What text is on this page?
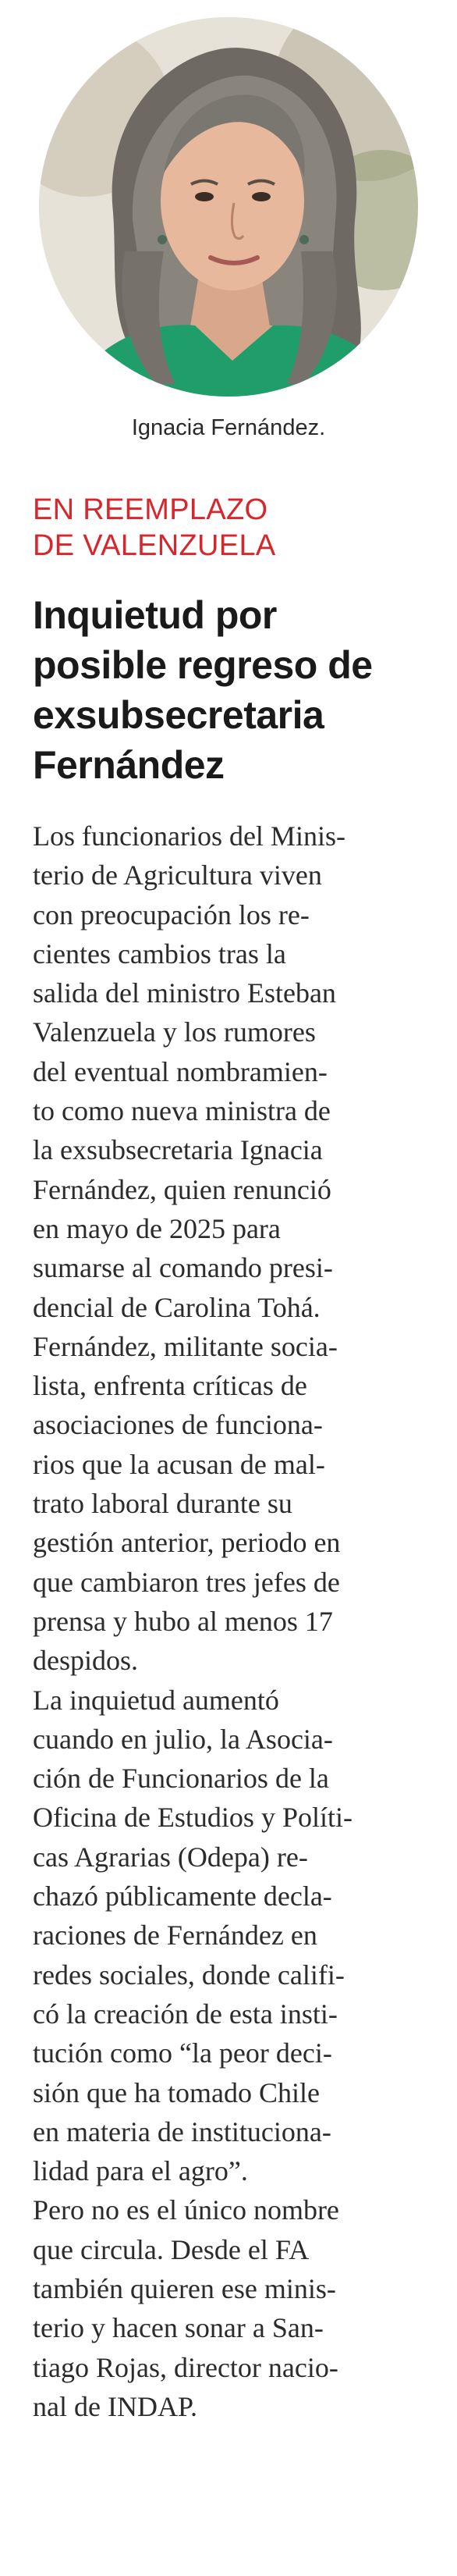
Ignacia Fernández.
EN REEMPLAZO
DE VALENZUELA
Inquietud por
posible regreso de
exsubsecretaria
Fernández
Los funcionarios del Minis-
terio de Agricultura viven
con preocupación los re-
cientes cambios tras la
salida del ministro Esteban
Valenzuela y los rumores
del eventual nombramien-
to como nueva ministra de
la exsubsecretaria Ignacia
Fernández, quien renunció
en mayo de 2025 para
sumarse al comando presi-
dencial de Carolina Tohá.
Fernández, militante socia-
lista, enfrenta críticas de
asociaciones de funciona-
rios que la acusan de mal-
trato laboral durante su
gestión anterior, periodo en
que cambiaron tres jefes de
prensa y hubo al menos 17
despidos.
La inquietud aumentó
cuando en julio, la Asocia-
ción de Funcionarios de la
Oficina de Estudios y Políti-
cas Agrarias (Odepa) re-
chazó públicamente decla-
raciones de Fernández en
redes sociales, donde califi-
có la creación de esta insti-
tución como “la peor deci-
sión que ha tomado Chile
en materia de instituciona-
lidad para el agro”.
Pero no es el único nombre
que circula. Desde el FA
también quieren ese minis-
terio y hacen sonar a San-
tiago Rojas, director nacio-
nal de INDAP.
